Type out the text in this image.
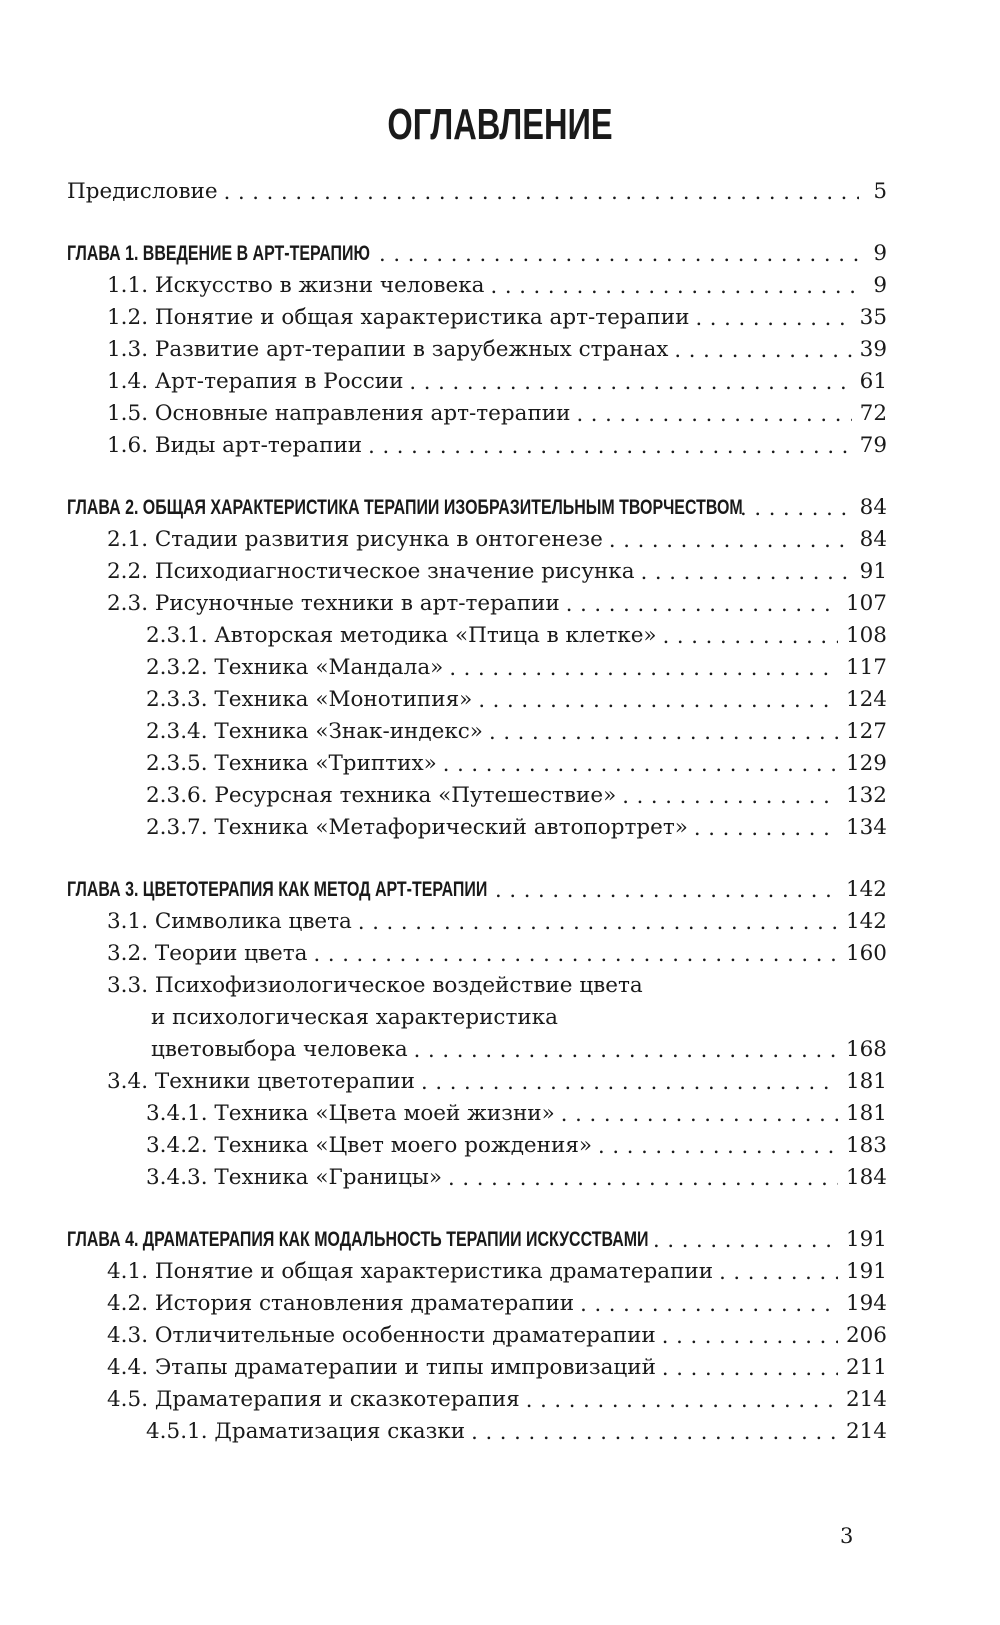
ОГЛАВЛЕНИЕ
Предисловие . . .	5
ГЛАВА 1. ВВЕДЕНИЕ В АРТ-ТЕРАПИЮ . . .	9
1.1. Искусство в жизни человека . . .	9
1.2. Понятие и общая характеристика арт-терапии . . .	35
1.3. Развитие арт-терапии в зарубежных странах . . .	39
1.4. Арт-терапия в России . . .	61
1.5. Основные направления арт-терапии . . .	72
1.6. Виды арт-терапии . . .	79
ГЛАВА 2. ОБЩАЯ ХАРАКТЕРИСТИКА ТЕРАПИИ ИЗОБРАЗИТЕЛЬНЫМ ТВОРЧЕСТВОМ . . .	84
2.1. Стадии развития рисунка в онтогенезе . . .	84
2.2. Психодиагностическое значение рисунка . . .	91
2.3. Рисуночные техники в арт-терапии . . .	107
2.3.1. Авторская методика «Птица в клетке» . . .	108
2.3.2. Техника «Мандала» . . .	117
2.3.3. Техника «Монотипия» . . .	124
2.3.4. Техника «Знак-индекс» . . .	127
2.3.5. Техника «Триптих» . . .	129
2.3.6. Ресурсная техника «Путешествие» . . .	132
2.3.7. Техника «Метафорический автопортрет» . . .	134
ГЛАВА 3. ЦВЕТОТЕРАПИЯ КАК МЕТОД АРТ-ТЕРАПИИ . . .	142
3.1. Символика цвета . . .	142
3.2. Теории цвета . . .	160
3.3. Психофизиологическое воздействие цвета
и психологическая характеристика
цветовыбора человека . . .	168
3.4. Техники цветотерапии . . .	181
3.4.1. Техника «Цвета моей жизни» . . .	181
3.4.2. Техника «Цвет моего рождения» . . .	183
3.4.3. Техника «Границы» . . .	184
ГЛАВА 4. ДРАМАТЕРАПИЯ КАК МОДАЛЬНОСТЬ ТЕРАПИИ ИСКУССТВАМИ . . .	191
4.1. Понятие и общая характеристика драматерапии . . .	191
4.2. История становления драматерапии . . .	194
4.3. Отличительные особенности драматерапии . . .	206
4.4. Этапы драматерапии и типы импровизаций . . .	211
4.5. Драматерапия и сказкотерапия . . .	214
4.5.1. Драматизация сказки . . .	214
3
